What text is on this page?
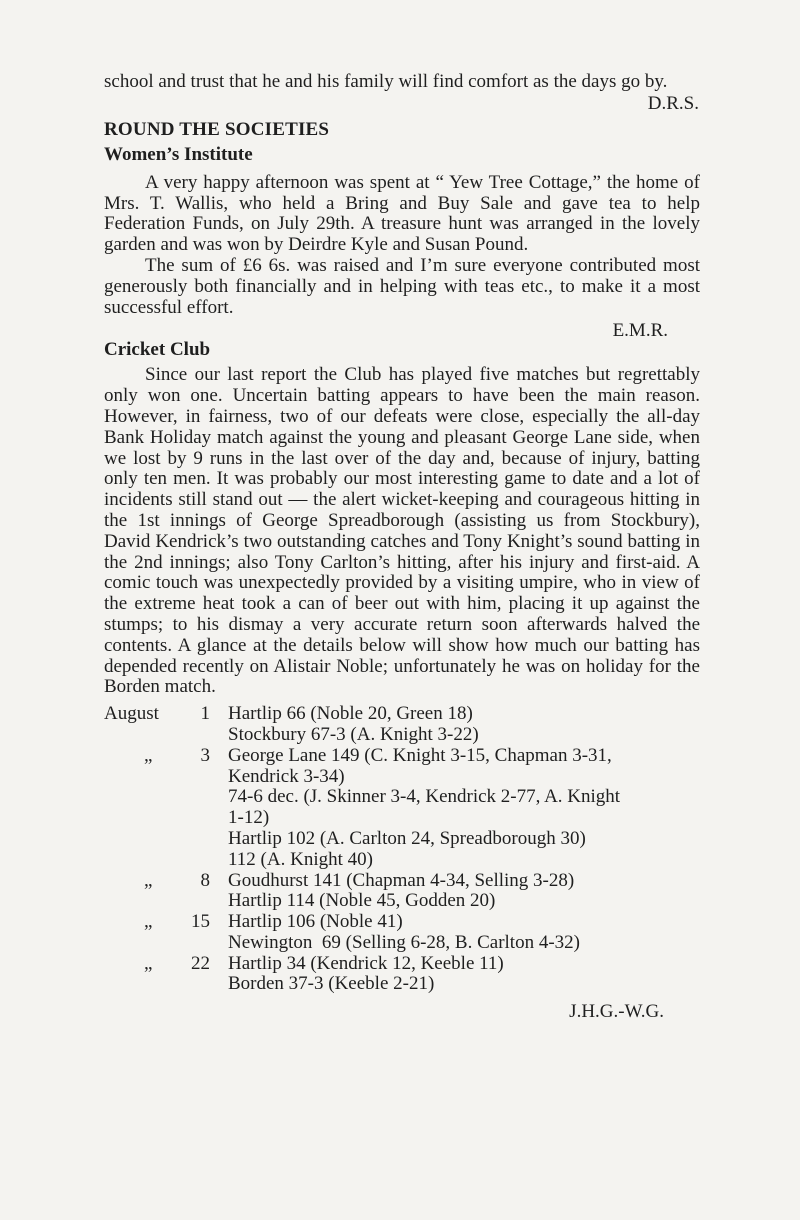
school and trust that he and his family will find comfort as the days go by.

D.R.S.

ROUND THE SOCIETIES
Women’s Institute

A very happy afternoon was spent at “ Yew Tree Cottage,” the home of Mrs. T. Wallis, who held a Bring and Buy Sale and gave tea to help Federation Funds, on July 29th. A treasure hunt was arranged in the lovely garden and was won by Deirdre Kyle and Susan Pound.

The sum of £6 6s. was raised and I’m sure everyone contributed most generously both financially and in helping with teas etc., to make it a most successful effort.

E.M.R.

Cricket Club

Since our last report the Club has played five matches but regrettably only won one. Uncertain batting appears to have been the main reason. However, in fairness, two of our defeats were close, especially the all-day Bank Holiday match against the young and pleasant George Lane side, when we lost by 9 runs in the last over of the day and, because of injury, batting only ten men. It was probably our most interesting game to date and a lot of incidents still stand out — the alert wicket-keeping and courageous hitting in the 1st innings of George Spreadborough (assisting us from Stockbury), David Kendrick’s two outstanding catches and Tony Knight’s sound batting in the 2nd innings; also Tony Carlton’s hitting, after his injury and first-aid. A comic touch was unexpectedly provided by a visiting umpire, who in view of the extreme heat took a can of beer out with him, placing it up against the stumps; to his dismay a very accurate return soon afterwards halved the contents. A glance at the details below will show how much our batting has depended recently on Alistair Noble; unfortunately he was on holiday for the Borden match.

August	1 Hartlip 66 (Noble 20, Green 18)
Stockbury 67-3 (A. Knight 3-22)
„	3 George Lane 149 (C. Knight 3-15, Chapman 3-31,
Kendrick 3-34)
74-6 dec. (J. Skinner 3-4, Kendrick 2-77, A. Knight
1-12)
Hartlip 102 (A. Carlton 24, Spreadborough 30)
112 (A. Knight 40)
„	8 Goudhurst 141 (Chapman 4-34, Selling 3-28)
Hartlip 114 (Noble 45, Godden 20)
„	15 Hartlip 106 (Noble 41)
Newington  69 (Selling 6-28, B. Carlton 4-32)
„	22 Hartlip 34 (Kendrick 12, Keeble 11)
Borden 37-3 (Keeble 2-21)

J.H.G.-W.G.
